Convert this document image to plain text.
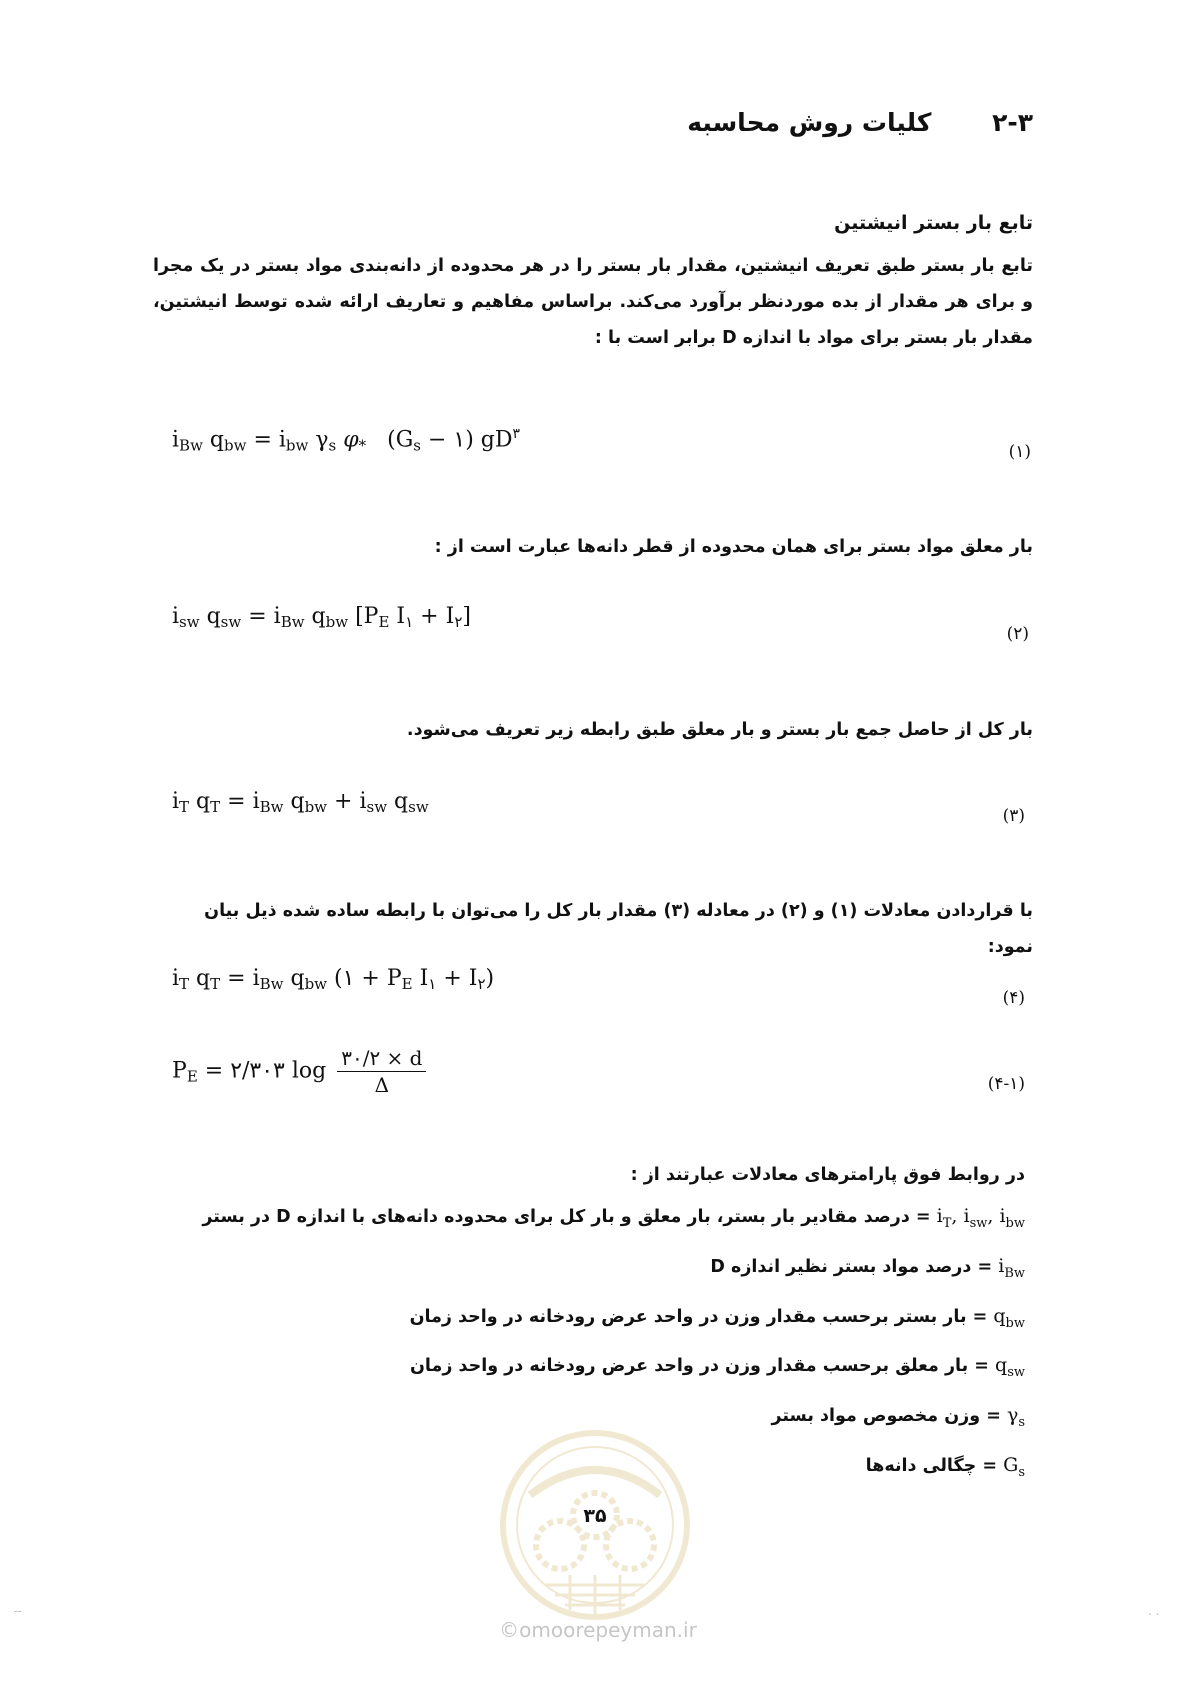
۲-۳ کلیات روش محاسبه
تابع بار بستر انیشتین
تابع بار بستر طبق تعریف انیشتین، مقدار بار بستر را در هر محدوده از دانه‌بندی مواد بستر در یک مجرا و برای هر مقدار از بده موردنظر برآورد می‌کند. براساس مفاهیم و تعاریف ارائه شده توسط انیشتین، مقدار بار بستر برای مواد با اندازه D برابر است با :
$i_{Bw}$ $q_{bw} = i_{bw}$ $\gamma_s$ $\varphi_*$   ($G_s$ − ۱) $gD^۳$
(۱)
بار معلق مواد بستر برای همان محدوده از قطر دانه‌ها عبارت است از :
$i_{sw}$ $q_{sw} = i_{Bw}$ $q_{bw}$ [$P_E$ $I_۱ + I_۲$]
(۲)
بار کل از حاصل جمع بار بستر و بار معلق طبق رابطه زیر تعریف می‌شود.
$i_T$ $q_T = i_{Bw}$ $q_{bw} + i_{sw}$ $q_{sw}$	(۳)
با قراردادن معادلات (۱) و (۲) در معادله (۳) مقدار بار کل را می‌توان با رابطه ساده شده ذیل بیان نمود:
$i_T$ $q_T = i_{Bw}$ $q_{bw}$ (۱ + $P_E$ $I_۱ + I_۲$)
(۴)
$P_E$ = ۲/۳۰۳ $\log \frac{۳۰/۲ \times d}{\Delta}$	(۴-۱)
در روابط فوق پارامترهای معادلات عبارتند از :
$i_T$, $i_{sw}$, $i_{bw}$ = درصد مقادیر بار بستر، بار معلق و بار کل برای محدوده دانه‌های با اندازه D در بستر
$i_{Bw}$ = درصد مواد بستر نظیر اندازه D
$q_{bw}$ = بار بستر برحسب مقدار وزن در واحد عرض رودخانه در واحد زمان
$q_{sw}$ = بار معلق برحسب مقدار وزن در واحد عرض رودخانه در واحد زمان
$\gamma_s$ = وزن مخصوص مواد بستر
$G_s$ = چگالی دانه‌ها
۳۵
©omoorepeyman.ir
--	. .
